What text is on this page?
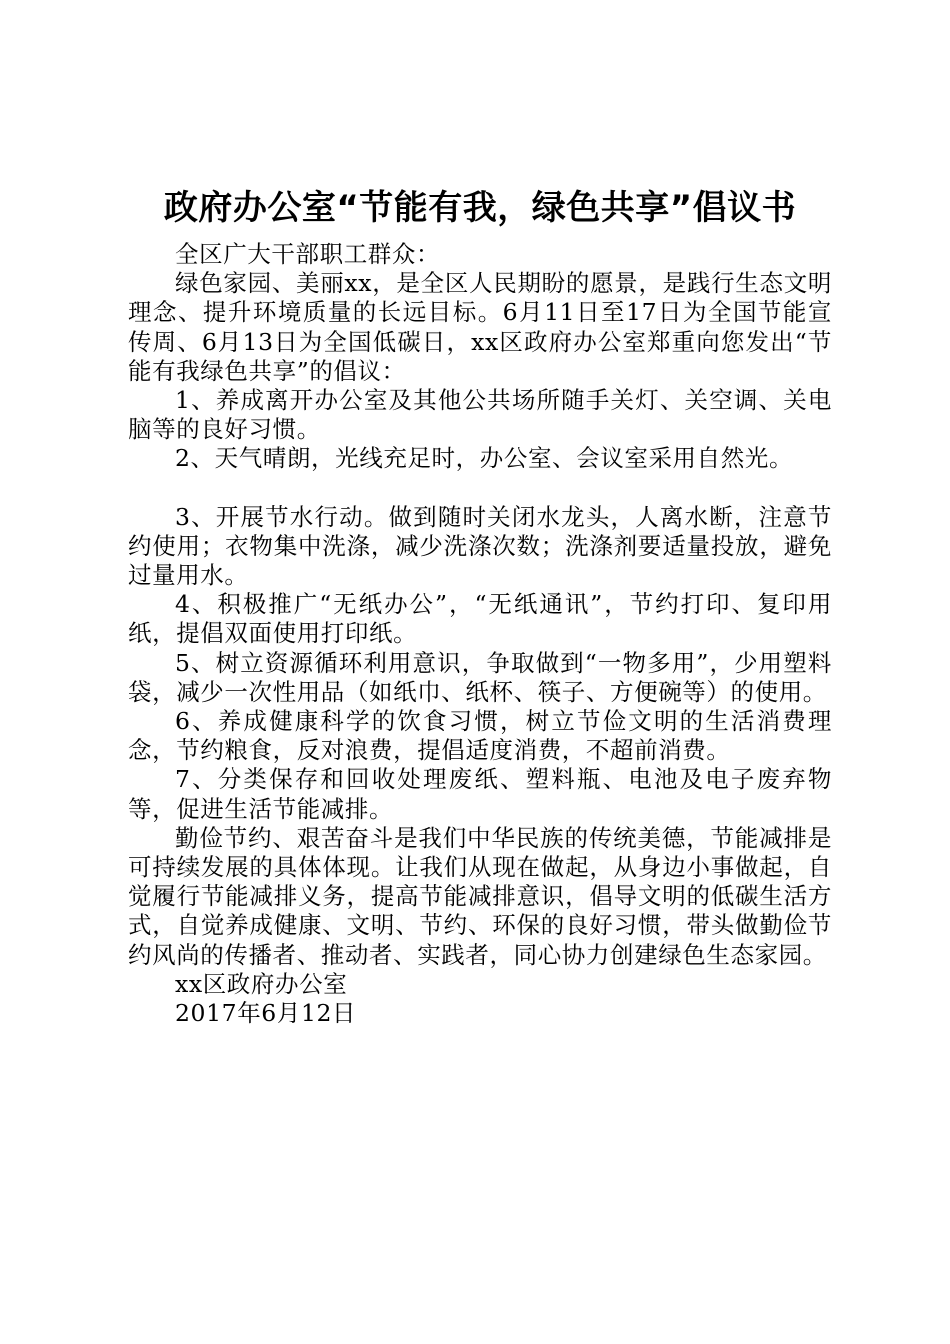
政府办公室“节能有我，绿色共享”倡议书

全区广大干部职工群众：

绿色家园、美丽xx，是全区人民期盼的愿景，是践行生态文明理念、提升环境质量的长远目标。6月11日至17日为全国节能宣传周、6月13日为全国低碳日，xx区政府办公室郑重向您发出“节能有我绿色共享”的倡议：

1、养成离开办公室及其他公共场所随手关灯、关空调、关电脑等的良好习惯。

2、天气晴朗，光线充足时，办公室、会议室采用自然光。

3、开展节水行动。做到随时关闭水龙头，人离水断，注意节约使用；衣物集中洗涤，减少洗涤次数；洗涤剂要适量投放，避免过量用水。

4、积极推广“无纸办公”，“无纸通讯”，节约打印、复印用纸，提倡双面使用打印纸。

5、树立资源循环利用意识，争取做到“一物多用”，少用塑料袋，减少一次性用品（如纸巾、纸杯、筷子、方便碗等）的使用。

6、养成健康科学的饮食习惯，树立节俭文明的生活消费理念，节约粮食，反对浪费，提倡适度消费，不超前消费。

7、分类保存和回收处理废纸、塑料瓶、电池及电子废弃物等，促进生活节能减排。

勤俭节约、艰苦奋斗是我们中华民族的传统美德，节能减排是可持续发展的具体体现。让我们从现在做起，从身边小事做起，自觉履行节能减排义务，提高节能减排意识，倡导文明的低碳生活方式，自觉养成健康、文明、节约、环保的良好习惯，带头做勤俭节约风尚的传播者、推动者、实践者，同心协力创建绿色生态家园。

xx区政府办公室

2017年6月12日
